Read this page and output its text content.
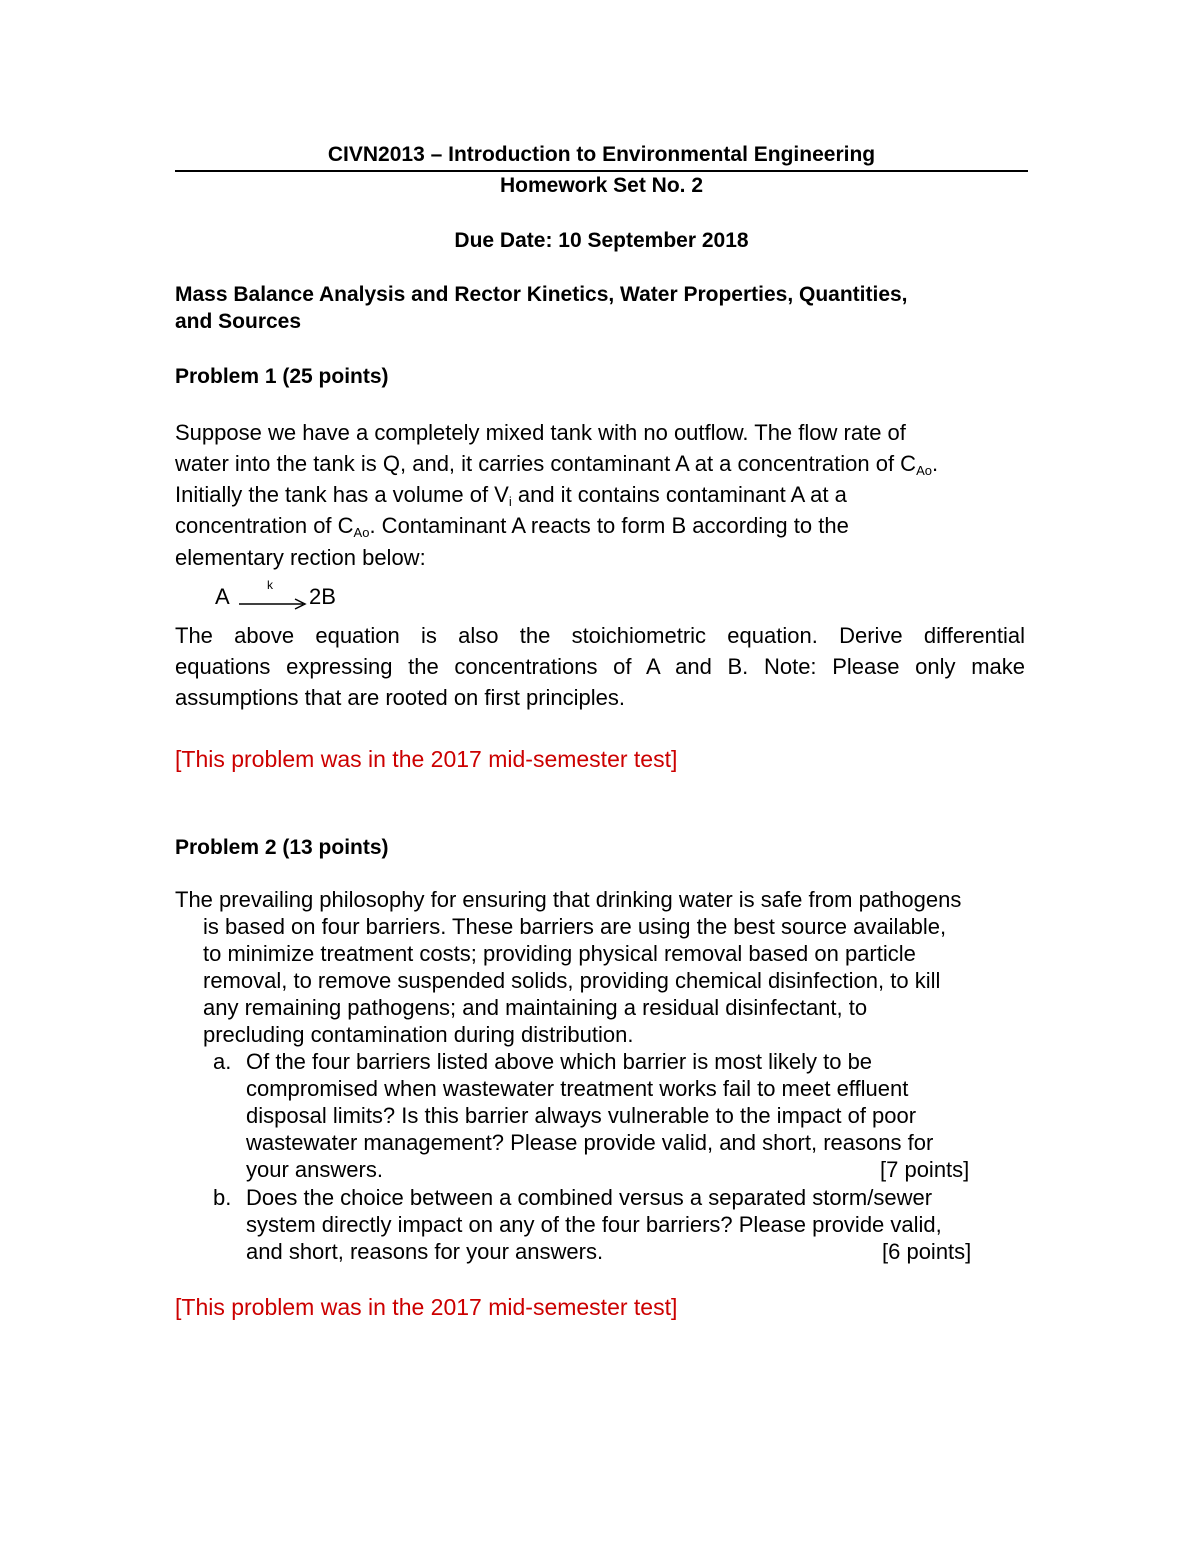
CIVN2013 – Introduction to Environmental Engineering
Homework Set No. 2
Due Date: 10 September 2018
Mass Balance Analysis and Rector Kinetics, Water Properties, Quantities,
and Sources
Problem 1 (25 points)
Suppose we have a completely mixed tank with no outflow. The flow rate of
water into the tank is Q, and, it carries contaminant A at a concentration of $C_{Ao}$.
Initially the tank has a volume of $V_i$ and it contains contaminant A at a
concentration of $C_{Ao}$. Contaminant A reacts to form B according to the
elementary rection below:
A	k 2B
The above equation is also the stoichiometric equation. Derive differential
equations expressing the concentrations of A and B. Note: Please only make
assumptions that are rooted on first principles.
[This problem was in the 2017 mid-semester test]
Problem 2 (13 points)
The prevailing philosophy for ensuring that drinking water is safe from pathogens
is based on four barriers. These barriers are using the best source available,
to minimize treatment costs; providing physical removal based on particle
removal, to remove suspended solids, providing chemical disinfection, to kill
any remaining pathogens; and maintaining a residual disinfectant, to
precluding contamination during distribution.
a. Of the four barriers listed above which barrier is most likely to be
compromised when wastewater treatment works fail to meet effluent
disposal limits? Is this barrier always vulnerable to the impact of poor
wastewater management? Please provide valid, and short, reasons for
your answers.	[7 points]
b. Does the choice between a combined versus a separated storm/sewer
system directly impact on any of the four barriers? Please provide valid,
and short, reasons for your answers.	[6 points]
[This problem was in the 2017 mid-semester test]
